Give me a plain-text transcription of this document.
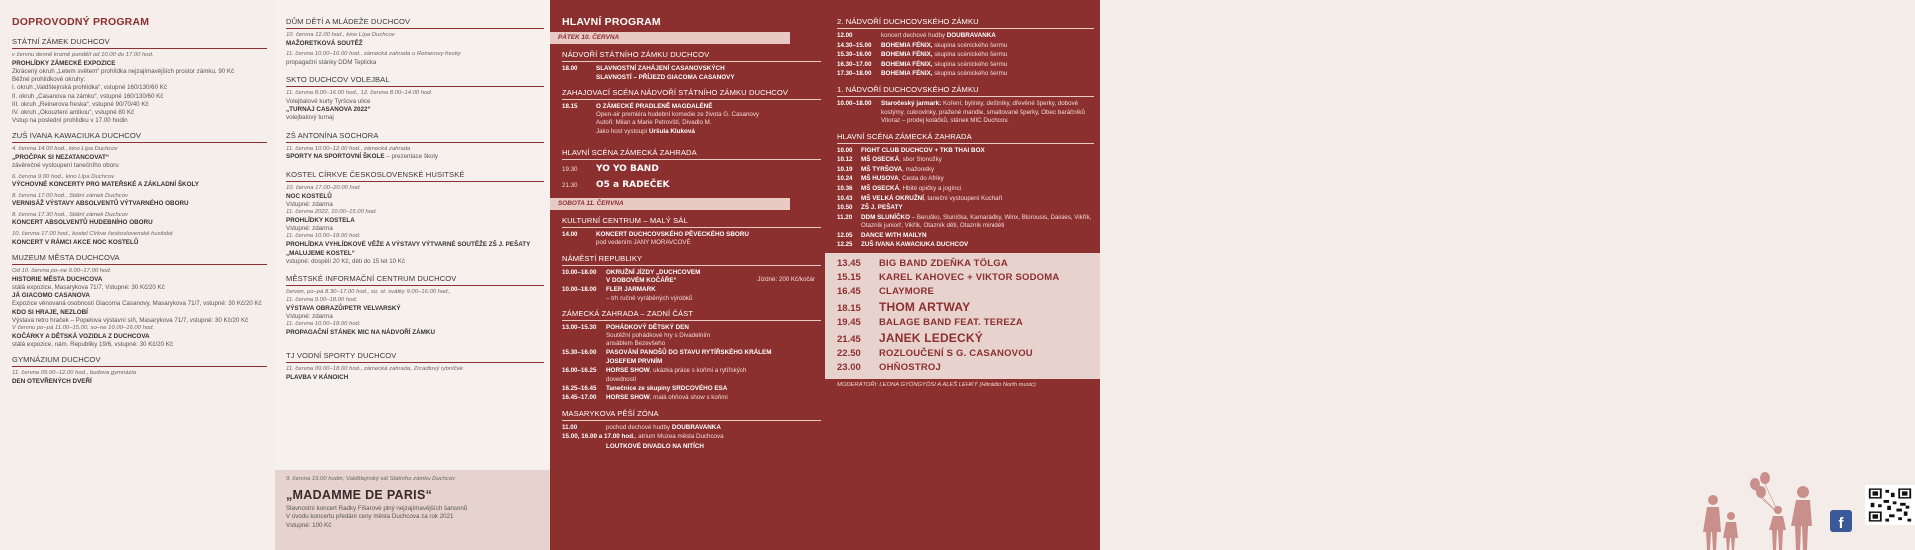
DOPROVODNÝ PROGRAM
STÁTNÍ ZÁMEK DUCHCOV
v červnu denně kromě pondělí od 10.00 do 17.00 hod.
PROHLÍDKY ZÁMECKÉ EXPOZICE
Zkrácený okruh „Letem světem“ prohlídka nejzajímavějších prostor zámku, 90 Kč
Běžné prohlídkové okruhy:
I. okruh „Valdštejnská prohlídka“, vstupné 160/130/60 Kč
II. okruh „Casanova na zámku“, vstupné 160/130/60 Kč
III. okruh „Reinerova freska“, vstupné 90/70/40 Kč
IV. okruh „Okouzlení antikou“, vstupné 80 Kč
Vstup na poslední prohlídku v 17.00 hodin
ZUŠ IVANA KAWACIUKA DUCHCOV
4. června 14.00 hod., kino Lípa Duchcov
„PROČPAK SI NEZATANCOVAT“
závěrečné vystoupení tanečního oboru
6. června 9.00 hod., kino Lípa Duchcov
VÝCHOVNÉ KONCERTY PRO MATEŘSKÉ A ZÁKLADNÍ ŠKOLY
8. června 17.00 hod., Státní zámek Duchcov
VERNISÁŽ VÝSTAVY ABSOLVENTŮ VÝTVARNÉHO OBORU
8. června 17.30 hod., Státní zámek Duchcov
KONCERT ABSOLVENTŮ HUDEBNÍHO OBORU
10. června 17.00 hod., kostel Církve československé husitské
KONCERT V RÁMCI AKCE NOC KOSTELŮ
MUZEUM MĚSTA DUCHCOVA
Od 10. června po–ne 9.00–17.00 hod.
HISTORIE MĚSTA DUCHCOVA
stálá expozice, Masarykova 71/7, Vstupné: 30 Kč/20 Kč
JÁ GIACOMO CASANOVA
Expozice věnovaná osobnosti Giacoma Casanovy, Masarykova 71/7, vstupné: 30 Kč/20 Kč
KDO SI HRAJE, NEZLOBÍ
Výstava retro hraček – Popelova výstavní síň, Masarykova 71/7, vstupné: 30 Kč/20 Kč
V červnu po–pá 11.00–15.00, so–ne 10.00–16.00 hod.
KOČÁRKY A DĚTSKÁ VOZIDLA Z DUCHCOVA
stálá expozice, nám. Republiky 19/6, vstupné: 30 Kč/20 Kč
GYMNÁZIUM DUCHCOV
11. června 09.00–12.00 hod., budova gymnázia
DEN OTEVŘENÝCH DVEŘÍ
DŮM DĚTÍ A MLÁDEŽE DUCHCOV
10. června 12.00 hod., kino Lípa Duchcov
MAŽORETKOVÁ SOUTĚŽ
11. června 10.00–16.00 hod., zámecká zahrada u Reinerovy fresky
propagační stánky DDM Teplicka
SKTO DUCHCOV VOLEJBAL
11. června 8.00–16.00 hod., 12. června 8.00–14.00 hod.
Volejbalové kurty Tyršova ulice
„TURNAJ CASANOVA 2022“
volejbalový turnaj
ZŠ ANTONÍNA SOCHORA
11. června 10.00–12.00 hod., zámecká zahrada
SPORTY NA SPORTOVNÍ ŠKOLE – prezentace školy
KOSTEL CÍRKVE ČESKOSLOVENSKÉ HUSITSKÉ
10. června 17.00–20.00 hod.
NOC KOSTELŮ
Vstupné: zdarma
11. června 2022, 10.00–15.00 hod.
PROHLÍDKY KOSTELA
Vstupné: zdarma
11. června 10.00–18.00 hod.
PROHLÍDKA VYHLÍDKOVÉ VĚŽE A VÝSTAVY VÝTVARNÉ SOUTĚŽE ZŠ J. PEŠATY „MALUJEME KOSTEL“
vstupné: dospělí 20 Kč, děti do 15 let 10 Kč
MĚSTSKÉ INFORMAČNÍ CENTRUM DUCHCOV
červen, po–pá 8.30–17.00 hod., so, st. svátky 9.00–16.00 hod.,
11. června 9.00–18.00 hod.
VÝSTAVA OBRAZŮ/PETR VELVARSKÝ
Vstupné: zdarma
11. června 10.00–18.00 hod.
PROPAGAČNÍ STÁNEK MIC NA NÁDVOŘÍ ZÁMKU
TJ VODNÍ SPORTY DUCHCOV
11. června 09.00–18.00 hod., zámecká zahrada, Zrcadlový rybníček
PLAVBA V KÁNOICH
9. června 19.00 hodin, Valdštejnský sál Státního zámku Duchcov
„MADAMME DE PARIS“
Slavnostní koncert Radky Fišarové plný nejzajímavějších šansonů
V úvodu koncertu předání ceny města Duchcova za rok 2021
Vstupné: 100 Kč
HLAVNÍ PROGRAM
PÁTEK 10. ČERVNA
NÁDVOŘÍ STÁTNÍHO ZÁMKU DUCHCOV
18.00	SLAVNOSTNÍ ZAHÁJENÍ CASANOVSKÝCH
SLAVNOSTÍ – PŘÍJEZD GIACOMA CASANOVY
ZAHAJOVACÍ SCÉNA NÁDVOŘÍ STÁTNÍHO ZÁMKU DUCHCOV
18.15	O ZÁMECKÉ PRADLENĚ MAGDALÉNĚ
Open-air premiéra hudební komedie ze života G. Casanovy
Autoři: Milan a Marie Petrovští, Divadlo M.
Jako host vystoupí Uršula Kluková
HLAVNÍ SCÉNA ZÁMECKÁ ZAHRADA
19.30	YO YO BAND
21.30	O5 a RADEČEK
SOBOTA 11. ČERVNA
KULTURNÍ CENTRUM – MALÝ SÁL
14.00	KONCERT DUCHCOVSKÉHO PĚVECKÉHO SBORU
pod vedením JANY MORAVCOVÉ
NÁMĚSTÍ REPUBLIKY
10.00–18.00	OKRUŽNÍ JÍZDY „DUCHCOVEM
V DOBOVÉM KOČÁŘE“	Jízdné: 200 Kč/kočár
10.00–18.00	FLER JARMARK
– trh ručně vyráběných výrobků
ZÁMECKÁ ZAHRADA – ZADNÍ ČÁST
13.00–15.30	POHÁDKOVÝ DĚTSKÝ DEN
Soutěžní pohádkové hry s Divadelním
ansáblem Bezevšeho
15.30–16.00	PASOVÁNÍ PANOŠŮ DO STAVU RYTÍŘSKÉHO KRÁLEM
JOSEFEM PRVNÍM
16.00–16.25	HORSE SHOW, ukázka práce s koňmi a rytířských
dovedností
16.25–16.45	Tanečnice ze skupiny SRDCOVÉHO ESA
16.45–17.00	HORSE SHOW, malá ohňová show s koňmi
MASARYKOVA PĚŠÍ ZÓNA
11.00	pochod dechové hudby DOUBRAVANKA
15.00, 16.00 a 17.00 hod., atrium Muzea města Duchcova
LOUTKOVÉ DIVADLO NA NITÍCH
2. NÁDVOŘÍ DUCHCOVSKÉHO ZÁMKU
12.00	koncert dechové hudby DOUBRAVANKA
14.30–15.00	BOHEMIA FÉNIX, skupina scénického šermu
15.30–16.00	BOHEMIA FÉNIX, skupina scénického šermu
16.30–17.00	BOHEMIA FÉNIX, skupina scénického šermu
17.30–18.00	BOHEMIA FÉNIX, skupina scénického šermu
1. NÁDVOŘÍ DUCHCOVSKÉHO ZÁMKU
10.00–18.00	Staročeský jarmark: Koření, bylinky, deštníky, dřevěné šperky, dobové kostýmy, cukrovinky, pražené mandle, smaltované šperky, Obec baráčníků Vitoraz – prodej koláčků, stánek MIC Duchcov.
HLAVNÍ SCÉNA ZÁMECKÁ ZAHRADA
10.00	FIGHT CLUB DUCHCOV + TKB THAI BOX
10.12	MŠ OSECKÁ, sbor Stonožky
10.19	MŠ TYRŠOVA, mažoretky
10.24	MŠ HUSOVA, Cesta do Afriky
10.36	MŠ OSECKÁ, Hbité opičky a jogínci
10.43	MŠ VELKÁ OKRUŽNÍ, taneční vystoupení Kuchaři
10.50	ZŠ J. PEŠATY
11.20	DDM SLUNÍČKO – Beruško, Sluníčka, Kamarádky, Winx, Blúrousis, Daisies, Vikřík, Otazník juniorř, Vikřík, Otazník děti, Otazník minidéti
12.05	DANCE WITH MAILYN
12.25	ZUŠ IVANA KAWACIUKA DUCHCOV
13.45	BIG BAND ZDEŇKA TÖLGA
15.15	KAREL KAHOVEC + VIKTOR SODOMA
16.45	CLAYMORE
18.15	THOM ARTWAY
19.45	BALAGE BAND FEAT. TEREZA
21.45	JANEK LEDECKÝ
22.50	ROZLOUČENÍ S G. CASANOVOU
23.00	OHŇOSTROJ
MODERÁTOŘI: LEONA GYÖNGYÖSI A ALEŠ LEHKÝ (Hitrádio North music)
f
